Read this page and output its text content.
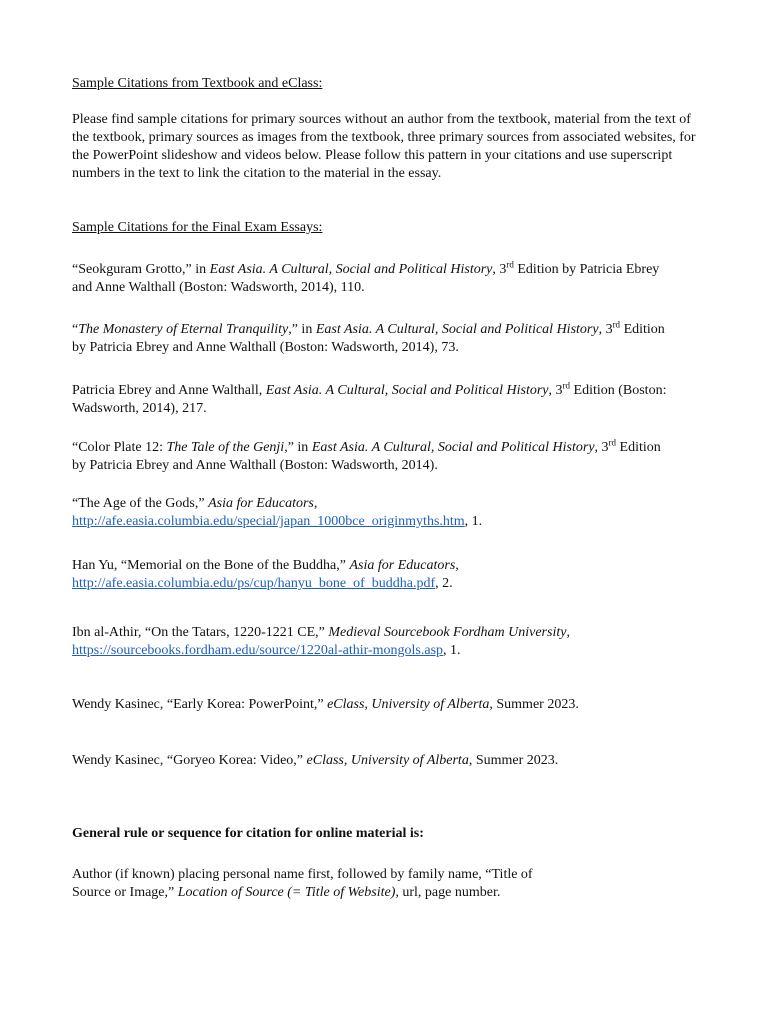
Sample Citations from Textbook and eClass:

Please find sample citations for primary sources without an author from the textbook, material from the text of the textbook, primary sources as images from the textbook, three primary sources from associated websites, for the PowerPoint slideshow and videos below. Please follow this pattern in your citations and use superscript numbers in the text to link the citation to the material in the essay.

Sample Citations for the Final Exam Essays:

“Seokguram Grotto,” in East Asia. A Cultural, Social and Political History, 3rd Edition by Patricia Ebrey and Anne Walthall (Boston: Wadsworth, 2014), 110.

“The Monastery of Eternal Tranquility,” in East Asia. A Cultural, Social and Political History, 3rd Edition by Patricia Ebrey and Anne Walthall (Boston: Wadsworth, 2014), 73.

Patricia Ebrey and Anne Walthall, East Asia. A Cultural, Social and Political History, 3rd Edition (Boston: Wadsworth, 2014), 217.

“Color Plate 12: The Tale of the Genji,” in East Asia. A Cultural, Social and Political History, 3rd Edition by Patricia Ebrey and Anne Walthall (Boston: Wadsworth, 2014).

“The Age of the Gods,” Asia for Educators, http://afe.easia.columbia.edu/special/japan_1000bce_originmyths.htm, 1.

Han Yu, “Memorial on the Bone of the Buddha,” Asia for Educators, http://afe.easia.columbia.edu/ps/cup/hanyu_bone_of_buddha.pdf, 2.

Ibn al-Athir, “On the Tatars, 1220-1221 CE,” Medieval Sourcebook Fordham University, https://sourcebooks.fordham.edu/source/1220al-athir-mongols.asp, 1.

Wendy Kasinec, “Early Korea: PowerPoint,” eClass, University of Alberta, Summer 2023.

Wendy Kasinec, “Goryeo Korea: Video,” eClass, University of Alberta, Summer 2023.

General rule or sequence for citation for online material is:

Author (if known) placing personal name first, followed by family name, “Title of Source or Image,” Location of Source (= Title of Website), url, page number.
